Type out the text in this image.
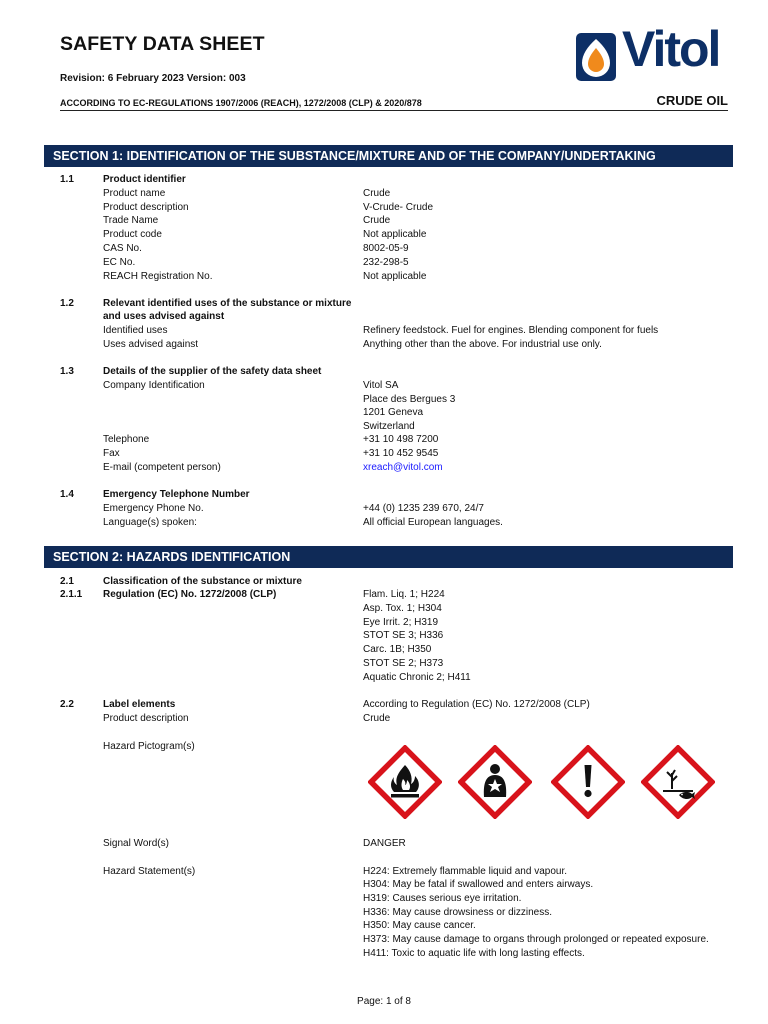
SAFETY DATA SHEET
Revision: 6 February 2023 Version: 003
ACCORDING TO EC-REGULATIONS 1907/2006 (REACH), 1272/2008 (CLP) & 2020/878
Vitol
CRUDE OIL
SECTION 1: IDENTIFICATION OF THE SUBSTANCE/MIXTURE AND OF THE COMPANY/UNDERTAKING
1.1	Product identifier
Product name	Crude
Product description	V-Crude- Crude
Trade Name	Crude
Product code	Not applicable
CAS No.	8002-05-9
EC No.	232-298-5
REACH Registration No.	Not applicable
1.2	Relevant identified uses of the substance or mixture
and uses advised against
Identified uses	Refinery feedstock. Fuel for engines. Blending component for fuels
Uses advised against	Anything other than the above. For industrial use only.
1.3	Details of the supplier of the safety data sheet
Company Identification	Vitol SA
Place des Bergues 3
1201 Geneva
Switzerland
Telephone	+31 10 498 7200
Fax	+31 10 452 9545
E-mail (competent person)	xreach@vitol.com
1.4	Emergency Telephone Number
Emergency Phone No.	+44 (0) 1235 239 670, 24/7
Language(s) spoken:	All official European languages.
SECTION 2: HAZARDS IDENTIFICATION
2.1	Classification of the substance or mixture
2.1.1 Regulation (EC) No. 1272/2008 (CLP)	Flam. Liq. 1; H224
Asp. Tox. 1; H304
Eye Irrit. 2; H319
STOT SE 3; H336
Carc. 1B; H350
STOT SE 2; H373
Aquatic Chronic 2; H411
2.2	Label elements	According to Regulation (EC) No. 1272/2008 (CLP)
Product description	Crude
Hazard Pictogram(s)
Signal Word(s)	DANGER
Hazard Statement(s)	H224: Extremely flammable liquid and vapour.
H304: May be fatal if swallowed and enters airways.
H319: Causes serious eye irritation.
H336: May cause drowsiness or dizziness.
H350: May cause cancer.
H373: May cause damage to organs through prolonged or repeated exposure.
H411: Toxic to aquatic life with long lasting effects.
Page: 1 of 8
